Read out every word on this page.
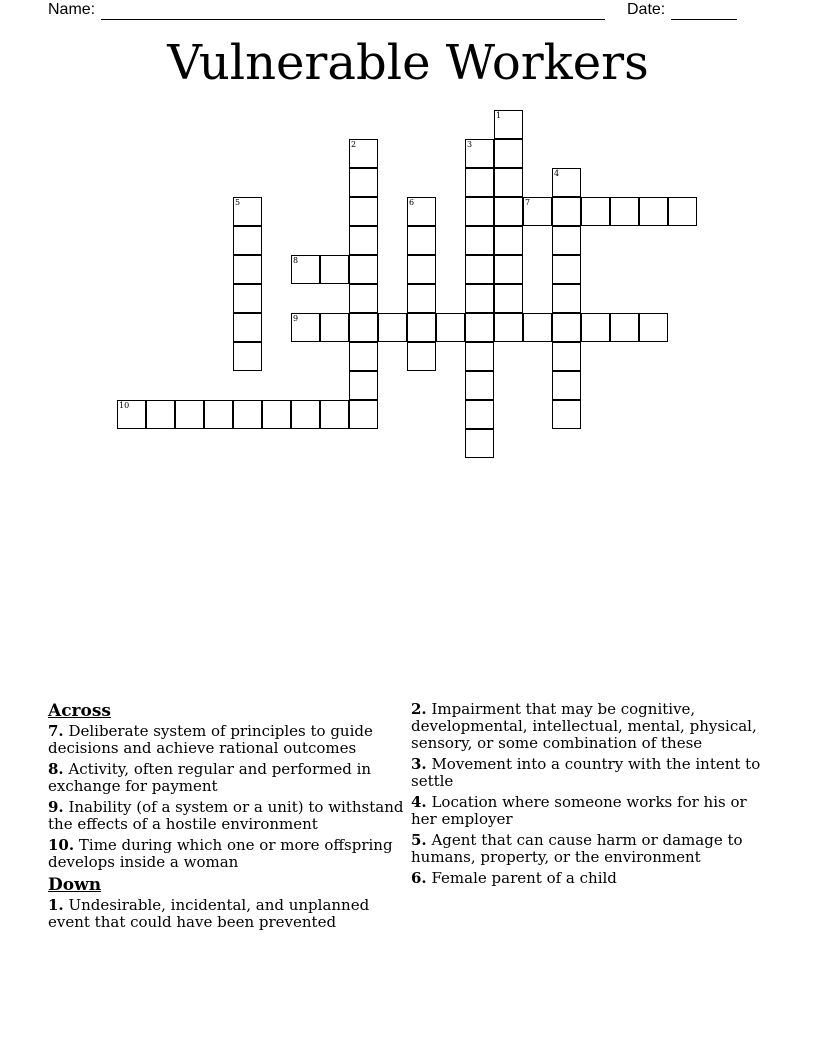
Name:	Date:
Vulnerable Workers
1
2	3
4
5	6	7
8
9
10
Across
7. Deliberate system of principles to guide decisions and achieve rational outcomes
8. Activity, often regular and performed in exchange for payment
9. Inability (of a system or a unit) to withstand the effects of a hostile environment
10. Time during which one or more offspring develops inside a woman
Down
1. Undesirable, incidental, and unplanned event that could have been prevented
2. Impairment that may be cognitive, developmental, intellectual, mental, physical, sensory, or some combination of these
3. Movement into a country with the intent to settle
4. Location where someone works for his or her employer
5. Agent that can cause harm or damage to humans, property, or the environment
6. Female parent of a child
